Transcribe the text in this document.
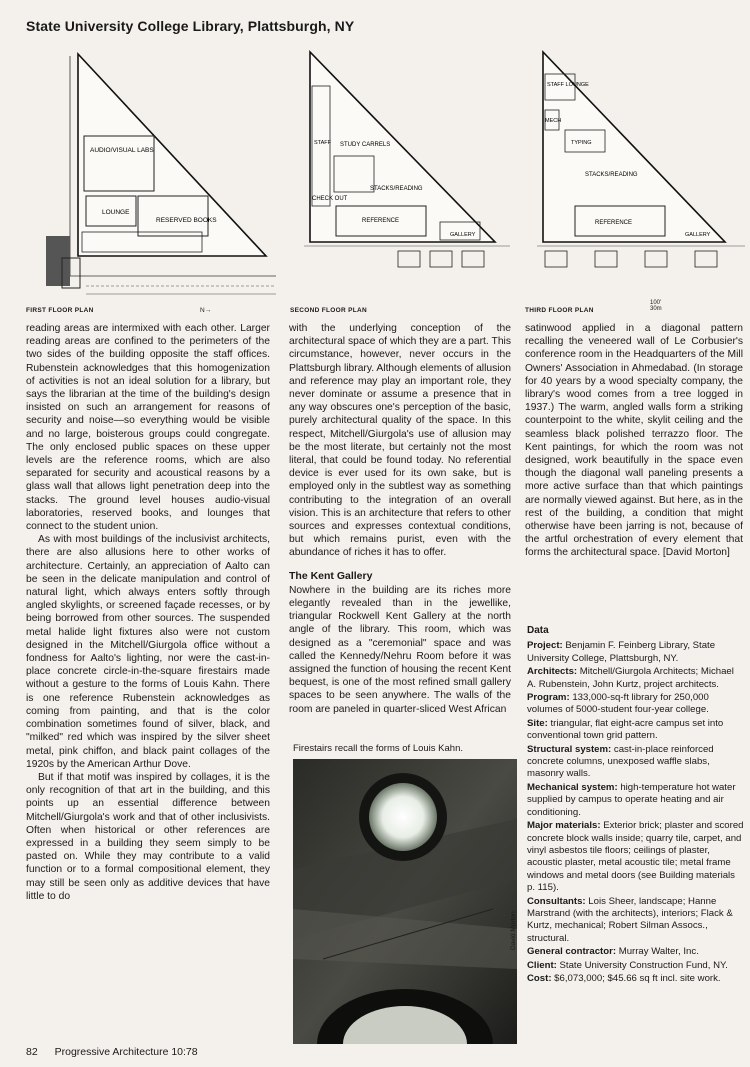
State University College Library, Plattsburgh, NY
AUDIO/VISUAL LABS
LOUNGE
RESERVED BOOKS
FIRST FLOOR PLAN	N→
STAFF STUDY CARRELS
STACKS/READING
CHECK OUT
REFERENCE
GALLERY
SECOND FLOOR PLAN
STAFF LOUNGE
MECH
TYPING
STACKS/READING
REFERENCE
GALLERY
THIRD FLOOR PLAN
100'
30m

reading areas are intermixed with each other. Larger reading areas are confined to the perimeters of the two sides of the building opposite the staff offices. Rubenstein acknowledges that this homogenization of activities is not an ideal solution for a library, but says the librarian at the time of the building's design insisted on such an arrangement for reasons of security and noise—so everything would be visible and no large, boisterous groups could congregate. The only enclosed public spaces on these upper levels are the reference rooms, which are also separated for security and acoustical reasons by a glass wall that allows light penetration deep into the stacks. The ground level houses audio-visual laboratories, reserved books, and lounges that connect to the student union.

As with most buildings of the inclusivist architects, there are also allusions here to other works of architecture. Certainly, an appreciation of Aalto can be seen in the delicate manipulation and control of natural light, which always enters softly through angled skylights, or screened façade recesses, or by being borrowed from other sources. The suspended metal halide light fixtures also were not custom designed in the Mitchell/Giurgola office without a fondness for Aalto's lighting, nor were the cast-in-place concrete circle-in-the-square firestairs made without a gesture to the forms of Louis Kahn. There is one reference Rubenstein acknowledges as coming from painting, and that is the color combination sometimes found of silver, black, and "milked" red which was inspired by the silver sheet metal, pink chiffon, and black paint collages of the 1920s by the American Arthur Dove.

But if that motif was inspired by collages, it is the only recognition of that art in the building, and this points up an essential difference between Mitchell/Giurgola's work and that of other inclusivists. Often when historical or other references are expressed in a building they seem simply to be pasted on. While they may contribute to a valid function or to a formal compositional element, they may still be seen only as additive devices that have little to do

with the underlying conception of the architectural space of which they are a part. This circumstance, however, never occurs in the Plattsburgh library. Although elements of allusion and reference may play an important role, they never dominate or assume a presence that in any way obscures one's perception of the basic, purely architectural quality of the space. In this respect, Mitchell/Giurgola's use of allusion may be the most literate, but certainly not the most literal, that could be found today. No referential device is ever used for its own sake, but is employed only in the subtlest way as something contributing to the integration of an overall vision. This is an architecture that refers to other sources and expresses contextual conditions, but which remains purist, even with the abundance of riches it has to offer.

The Kent Gallery

Nowhere in the building are its riches more elegantly revealed than in the jewellike, triangular Rockwell Kent Gallery at the north angle of the library. This room, which was designed as a "ceremonial" space and was called the Kennedy/Nehru Room before it was assigned the function of housing the recent Kent bequest, is one of the most refined small gallery spaces to be seen anywhere. The walls of the room are paneled in quarter-sliced West African

satinwood applied in a diagonal pattern recalling the veneered wall of Le Corbusier's conference room in the Headquarters of the Mill Owners' Association in Ahmedabad. (In storage for 40 years by a wood specialty company, the library's wood comes from a tree logged in 1937.) The warm, angled walls form a striking counterpoint to the white, skylit ceiling and the seamless black polished terrazzo floor. The Kent paintings, for which the room was not designed, work beautifully in the space even though the diagonal wall paneling presents a more active surface than that which paintings are normally viewed against. But here, as in the rest of the building, a condition that might otherwise have been jarring is not, because of the artful orchestration of every element that forms the architectural space. [David Morton]

Firestairs recall the forms of Louis Kahn.
David Morton
Data
Project: Benjamin F. Feinberg Library, State University College, Plattsburgh, NY.
Architects: Mitchell/Giurgola Architects; Michael A. Rubenstein, John Kurtz, project architects.
Program: 133,000-sq-ft library for 250,000 volumes of 5000-student four-year college.
Site: triangular, flat eight-acre campus set into conventional town grid pattern.
Structural system: cast-in-place reinforced concrete columns, unexposed waffle slabs, masonry walls.
Mechanical system: high-temperature hot water supplied by campus to operate heating and air conditioning.
Major materials: Exterior brick; plaster and scored concrete block walls inside; quarry tile, carpet, and vinyl asbestos tile floors; ceilings of plaster, acoustic plaster, metal acoustic tile; metal frame windows and metal doors (see Building materials p. 115).
Consultants: Lois Sheer, landscape; Hanne Marstrand (with the architects), interiors; Flack & Kurtz, mechanical; Robert Silman Assocs., structural.
General contractor: Murray Walter, Inc.
Client: State University Construction Fund, NY.
Cost: $6,073,000; $45.66 sq ft incl. site work.
82 Progressive Architecture 10:78
